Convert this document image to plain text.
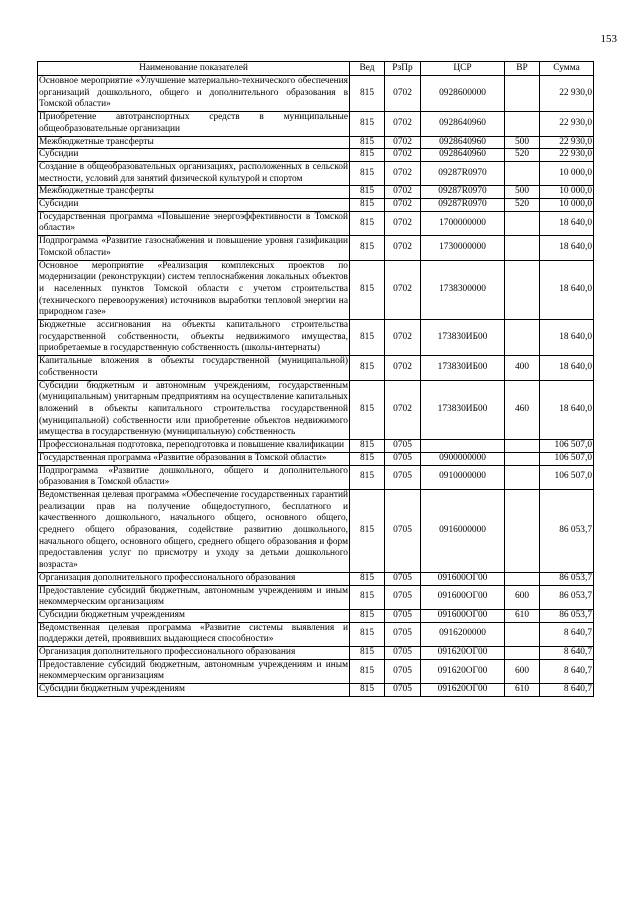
153
Наименование показателей	Вед	РзПр	ЦСР	ВР	Сумма
Основное мероприятие «Улучшение материально-технического обеспечения организаций дошкольного, общего и дополнительного образования в Томской области»	815	0702	0928600000		22 930,0
Приобретение автотранспортных средств в муниципальные общеобразовательные организации	815	0702	0928640960		22 930,0
Межбюджетные трансферты	815	0702	0928640960	500	22 930,0
Субсидии	815	0702	0928640960	520	22 930,0
Создание в общеобразовательных организациях, расположенных в сельской местности, условий для занятий физической культурой и спортом	815	0702	09287R0970		10 000,0
Межбюджетные трансферты	815	0702	09287R0970	500	10 000,0
Субсидии	815	0702	09287R0970	520	10 000,0
Государственная программа «Повышение энергоэффективности в Томской области»	815	0702	1700000000		18 640,0
Подпрограмма «Развитие газоснабжения и повышение уровня газификации Томской области»	815	0702	1730000000		18 640,0
Основное мероприятие «Реализация комплексных проектов по модернизации (реконструкции) систем теплоснабжения локальных объектов и населенных пунктов Томской области с учетом строительства (технического перевооружения) источников выработки тепловой энергии на природном газе»	815	0702	1738300000		18 640,0
Бюджетные ассигнования на объекты капитального строительства государственной собственности, объекты недвижимого имущества, приобретаемые в государственную собственность (школы-интернаты)	815	0702	173830ИБ00		18 640,0
Капитальные вложения в объекты государственной (муниципальной) собственности	815	0702	173830ИБ00	400	18 640,0
Субсидии бюджетным и автономным учреждениям, государственным (муниципальным) унитарным предприятиям на осуществление капитальных вложений в объекты капитального строительства государственной (муниципальной) собственности или приобретение объектов недвижимого имущества в государственную (муниципальную) собственность	815	0702	173830ИБ00	460	18 640,0
Профессиональная подготовка, переподготовка и повышение квалификации	815	0705			106 507,0
Государственная программа «Развитие образования в Томской области»	815	0705	0900000000		106 507,0
Подпрограмма «Развитие дошкольного, общего и дополнительного образования в Томской области»	815	0705	0910000000		106 507,0
Ведомственная целевая программа «Обеспечение государственных гарантий реализации прав на получение общедоступного, бесплатного и качественного дошкольного, начального общего, основного общего, среднего общего образования, содействие развитию дошкольного, начального общего, основного общего, среднего общего образования и форм предоставления услуг по присмотру и уходу за детьми дошкольного возраста»	815	0705	0916000000		86 053,7
Организация дополнительного профессионального образования	815	0705	091600ОГ00		86 053,7
Предоставление субсидий бюджетным, автономным учреждениям и иным некоммерческим организациям	815	0705	091600ОГ00	600	86 053,7
Субсидии бюджетным учреждениям	815	0705	091600ОГ00	610	86 053,7
Ведомственная целевая программа «Развитие системы выявления и поддержки детей, проявивших выдающиеся способности»	815	0705	0916200000		8 640,7
Организация дополнительного профессионального образования	815	0705	091620ОГ00		8 640,7
Предоставление субсидий бюджетным, автономным учреждениям и иным некоммерческим организациям	815	0705	091620ОГ00	600	8 640,7
Субсидии бюджетным учреждениям	815	0705	091620ОГ00	610	8 640,7
